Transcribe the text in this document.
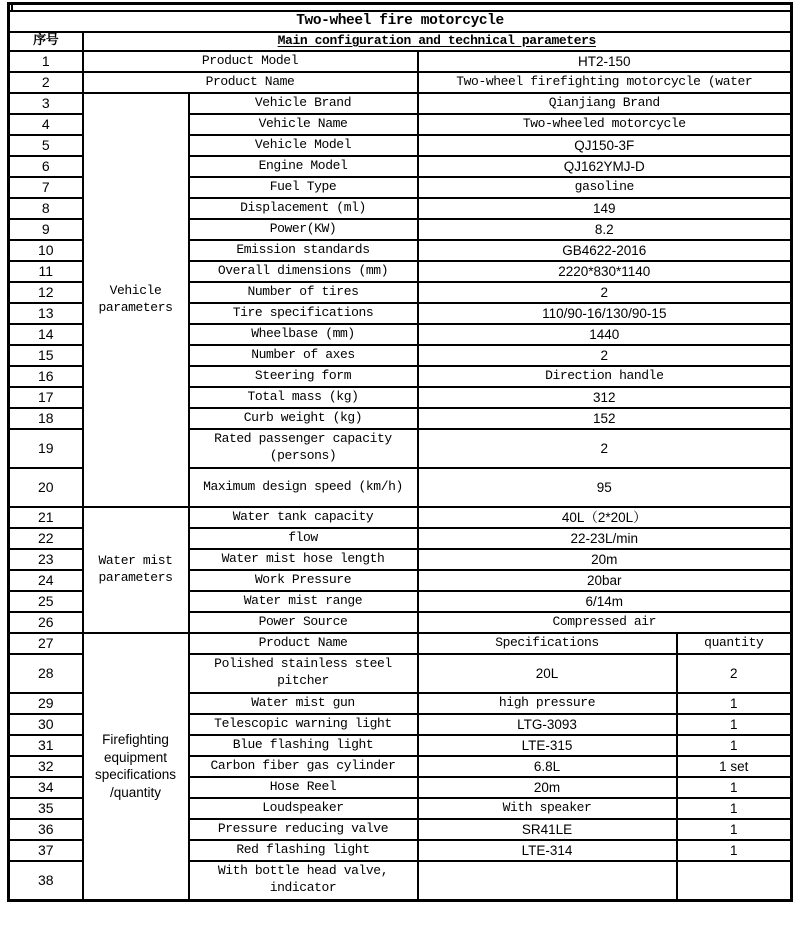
Two-wheel fire motorcycle				
序号	Main configuration and technical parameters			
1	Product Model		HT2-150	
2	Product Name		Two-wheel firefighting motorcycle (water	
3	Vehicle parameters	Vehicle Brand	Qianjiang Brand	
4		Vehicle Name	Two-wheeled motorcycle	
5		Vehicle Model	QJ150-3F	
6		Engine Model	QJ162YMJ-D	
7		Fuel Type	gasoline	
8		Displacement (ml)	149	
9		Power(KW)	8.2	
10		Emission standards	GB4622-2016	
11		Overall dimensions (mm)	2220*830*1140	
12		Number of tires	2	
13		Tire specifications	110/90-16/130/90-15	
14		Wheelbase (mm)	1440	
15		Number of axes	2	
16		Steering form	Direction handle	
17		Total mass (kg)	312	
18		Curb weight (kg)	152	
19		Rated passenger capacity (persons)	2	
20		Maximum design speed (km/h)	95	
21	Water mist parameters	Water tank capacity	40L（2*20L）	
22		flow	22-23L/min	
23		Water mist hose length	20m	
24		Work Pressure	20bar	
25		Water mist range	6/14m	
26		Power Source	Compressed air	
27	Firefighting equipment specifications /quantity	Product Name	Specifications	quantity
28		Polished stainless steel pitcher	20L	2
29		Water mist gun	high pressure	1
30		Telescopic warning light	LTG-3093	1
31		Blue flashing light	LTE-315	1
32		Carbon fiber gas cylinder	6.8L	1 set
34		Hose Reel	20m	1
35		Loudspeaker	With speaker	1
36		Pressure reducing valve	SR41LE	1
37		Red flashing light	LTE-314	1
38		With bottle head valve, indicator		
